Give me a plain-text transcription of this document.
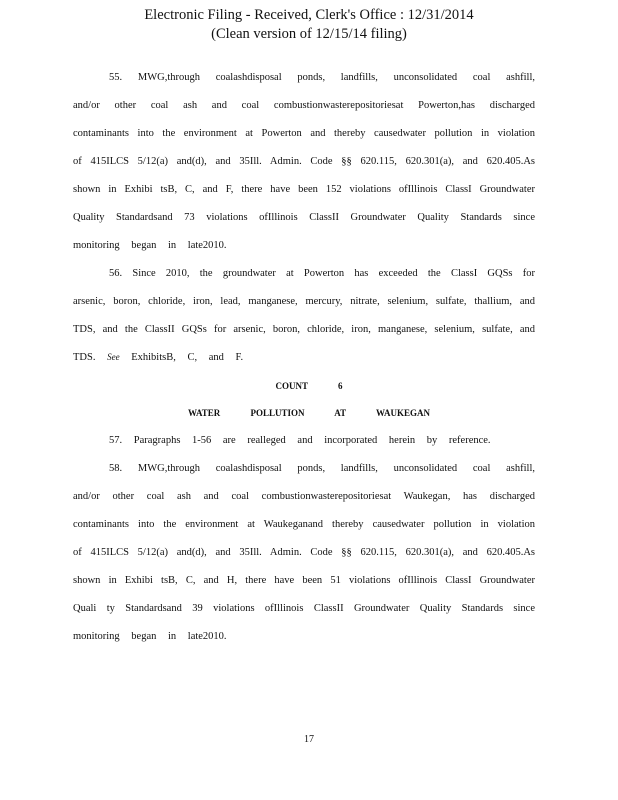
Electronic Filing - Received, Clerk's Office : 12/31/2014
(Clean version of 12/15/14 filing)
55. MWG,through coalashdisposal ponds, landfills, unconsolidated coal ashfill,
and/or other coal ash and coal combustionwasterepositoriesat Powerton,has discharged
contaminants into the environment at Powerton and thereby causedwater pollution in violation
of 415ILCS 5/12(a) and(d), and 35Ill. Admin. Code §§ 620.115, 620.301(a), and 620.405.As
shown in Exhibi tsB, C, and F, there have been 152 violations ofIllinois ClassI Groundwater
Quality Standardsand 73 violations ofIllinois ClassII Groundwater Quality Standards since
monitoring began in late2010.
56. Since 2010, the groundwater at Powerton has exceeded the ClassI GQSs for
arsenic, boron, chloride, iron, lead, manganese, mercury, nitrate, selenium, sulfate, thallium, and
TDS, and the ClassII GQSs for arsenic, boron, chloride, iron, manganese, selenium, sulfate, and
TDS. See ExhibitsB, C, and F.
COUNT 6
WATER POLLUTION AT WAUKEGAN
57. Paragraphs 1-56 are realleged and incorporated herein by reference.
58. MWG,through coalashdisposal ponds, landfills, unconsolidated coal ashfill,
and/or other coal ash and coal combustionwasterepositoriesat Waukegan, has discharged
contaminants into the environment at Waukeganand thereby causedwater pollution in violation
of 415ILCS 5/12(a) and(d), and 35Ill. Admin. Code §§ 620.115, 620.301(a), and 620.405.As
shown in Exhibi tsB, C, and H, there have been 51 violations ofIllinois ClassI Groundwater
Quali ty Standardsand 39 violations ofIllinois ClassII Groundwater Quality Standards since
monitoring began in late2010.
17
